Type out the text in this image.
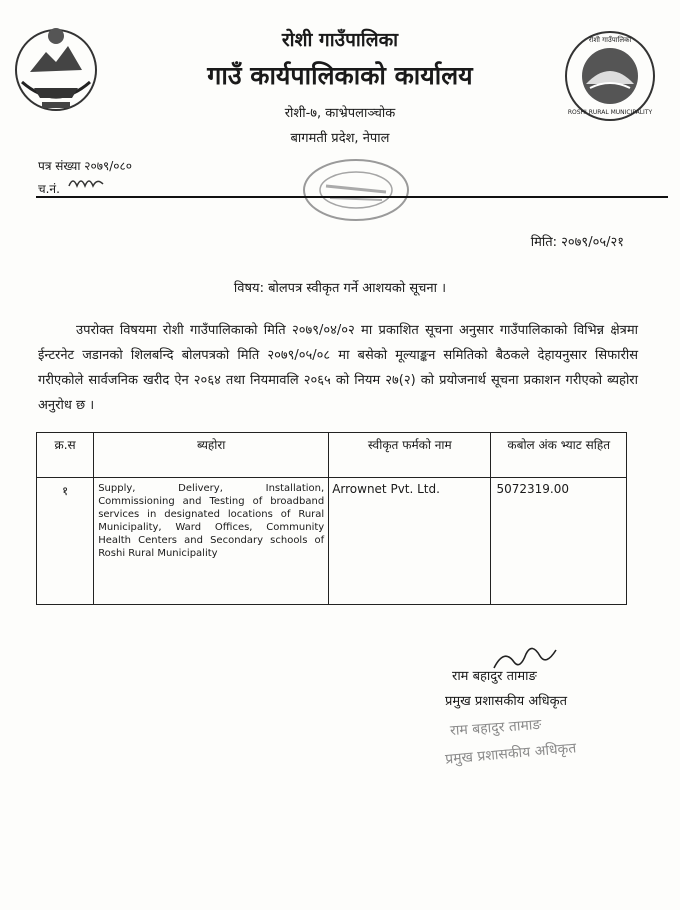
रोशी गाउँपालिका
ROSHI RURAL MUNICIPALITY
रोशी गाउँपालिका
गाउँ कार्यपालिकाको कार्यालय
रोशी-७, काभ्रेपलाञ्चोक
बागमती प्रदेश, नेपाल
पत्र संख्या २०७९/०८०
च.नं.
मिति: २०७९/०५/२१
विषय: बोलपत्र स्वीकृत गर्ने आशयको सूचना ।
उपरोक्त विषयमा रोशी गाउँपालिकाको मिति २०७९/०४/०२ मा प्रकाशित सूचना अनुसार गाउँपालिकाको विभिन्न क्षेत्रमा ईन्टरनेट जडानको शिलबन्दि बोलपत्रको मिति २०७९/०५/०८ मा बसेको मूल्याङ्कन समितिको बैठकले देहायनुसार सिफारीस गरीएकोले सार्वजनिक खरीद ऐन २०६४ तथा नियमावलि २०६५ को नियम २७(२) को प्रयोजनार्थ सूचना प्रकाशन गरीएको ब्यहोरा अनुरोध छ ।
क्र.स	ब्यहोरा	स्वीकृत फर्मको नाम	कबोल अंक भ्याट सहित
१	Supply, Delivery, Installation, Commissioning and Testing of broadband services in designated locations of Rural Municipality, Ward Offices, Community Health Centers and Secondary schools of Roshi Rural Municipality	Arrownet Pvt. Ltd.	5072319.00
राम बहादुर तामाङ
प्रमुख प्रशासकीय अधिकृत
राम बहादुर तामाङ
प्रमुख प्रशासकीय अधिकृत
